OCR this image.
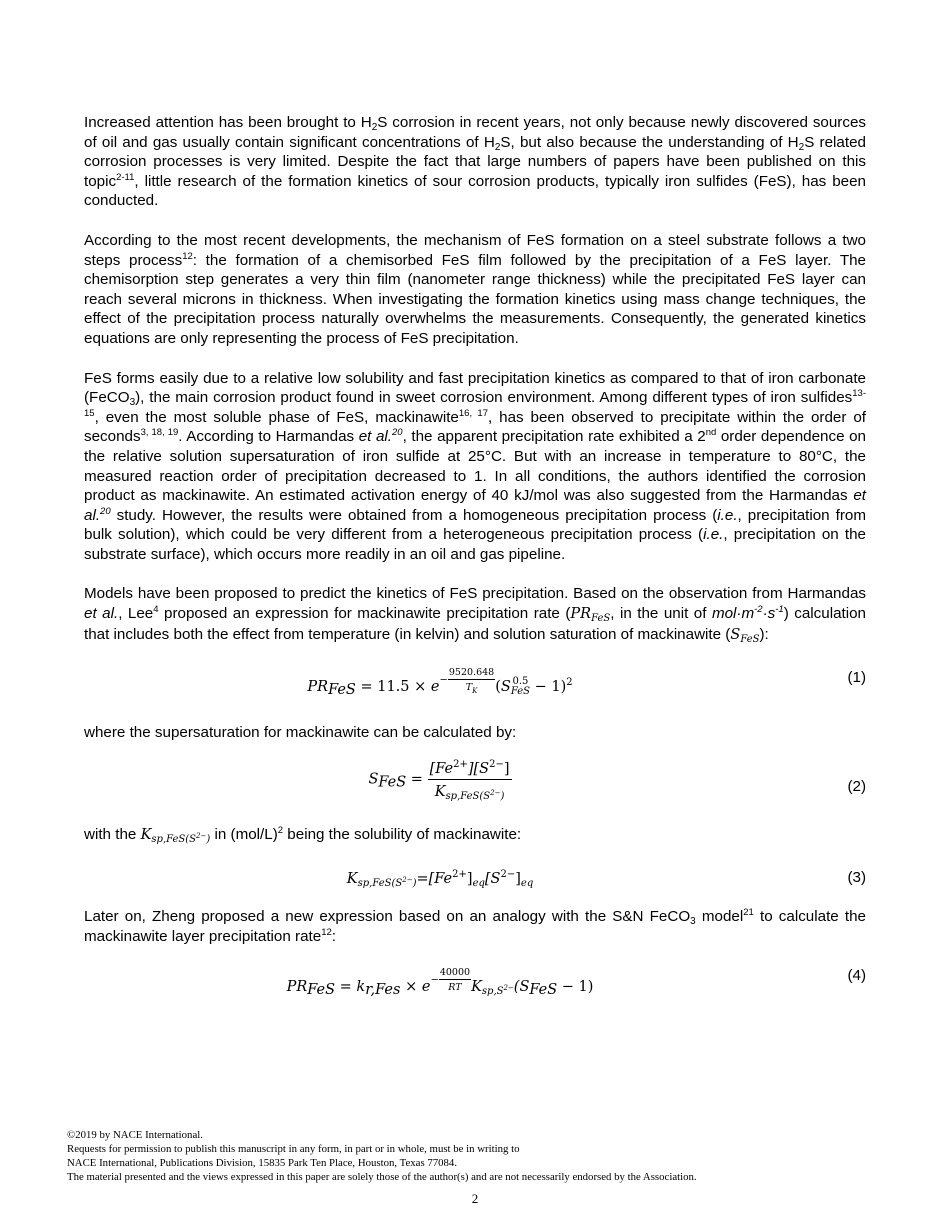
Increased attention has been brought to $H_2S$ corrosion in recent years, not only because newly discovered sources of oil and gas usually contain significant concentrations of $H_2S$, but also because the understanding of $H_2S$ related corrosion processes is very limited. Despite the fact that large numbers of papers have been published on this topic$^{2-11}$, little research of the formation kinetics of sour corrosion products, typically iron sulfides (FeS), has been conducted.

According to the most recent developments, the mechanism of FeS formation on a steel substrate follows a two steps process$^{12}$: the formation of a chemisorbed FeS film followed by the precipitation of a FeS layer. The chemisorption step generates a very thin film (nanometer range thickness) while the precipitated FeS layer can reach several microns in thickness. When investigating the formation kinetics using mass change techniques, the effect of the precipitation process naturally overwhelms the measurements. Consequently, the generated kinetics equations are only representing the process of FeS precipitation.

FeS forms easily due to a relative low solubility and fast precipitation kinetics as compared to that of iron carbonate (FeCO$_3$), the main corrosion product found in sweet corrosion environment. Among different types of iron sulfides$^{13-15}$, even the most soluble phase of FeS, mackinawite$^{16, 17}$, has been observed to precipitate within the order of seconds$^{3, 18, 19}$. According to Harmandas et al.$^{20}$, the apparent precipitation rate exhibited a 2nd order dependence on the relative solution supersaturation of iron sulfide at 25°C. But with an increase in temperature to 80°C, the measured reaction order of precipitation decreased to 1. In all conditions, the authors identified the corrosion product as mackinawite. An estimated activation energy of 40 kJ/mol was also suggested from the Harmandas et al.$^{20}$ study. However, the results were obtained from a homogeneous precipitation process (i.e., precipitation from bulk solution), which could be very different from a heterogeneous precipitation process (i.e., precipitation on the substrate surface), which occurs more readily in an oil and gas pipeline.

Models have been proposed to predict the kinetics of FeS precipitation. Based on the observation from Harmandas et al., Lee$^4$ proposed an expression for mackinawite precipitation rate ($PR_{FeS}$, in the unit of $mol\cdot m^{-2}\cdot s^{-1}$) calculation that includes both the effect from temperature (in kelvin) and solution saturation of mackinawite $(S_{FeS})$:

$PR_{FeS} = 11.5 \times e- \frac{9520.648}{T_K} (S$ 0.5
FeS − 1)$^2$	(1)

where the supersaturation for mackinawite can be calculated by:

$S_{FeS} = \frac{[Fe^{2+}][S^{2-}]}{K_{sp,FeS(S^{2-})}}$	(2)

with the $K_{sp,FeS(S^{2-})}$ in $(mol/L)^2$ being the solubility of mackinawite:

$K_{sp,FeS(S^{2-})}=[Fe^{2+}]_{eq}[S^{2-}]_{eq}$	(3)

Later on, Zheng proposed a new expression based on an analogy with the S&N FeCO$_3$ model$^{21}$ to calculate the mackinawite layer precipitation rate$^{12}$:

$PR_{FeS} = k_{r,Fes} \times e- \frac{40000}{RT} K_{sp,S^{2-}}(S_{FeS} - 1)$
(4)
©2019 by NACE International.
Requests for permission to publish this manuscript in any form, in part or in whole, must be in writing to
NACE International, Publications Division, 15835 Park Ten Place, Houston, Texas 77084.
The material presented and the views expressed in this paper are solely those of the author(s) and are not necessarily endorsed by the Association.
2
